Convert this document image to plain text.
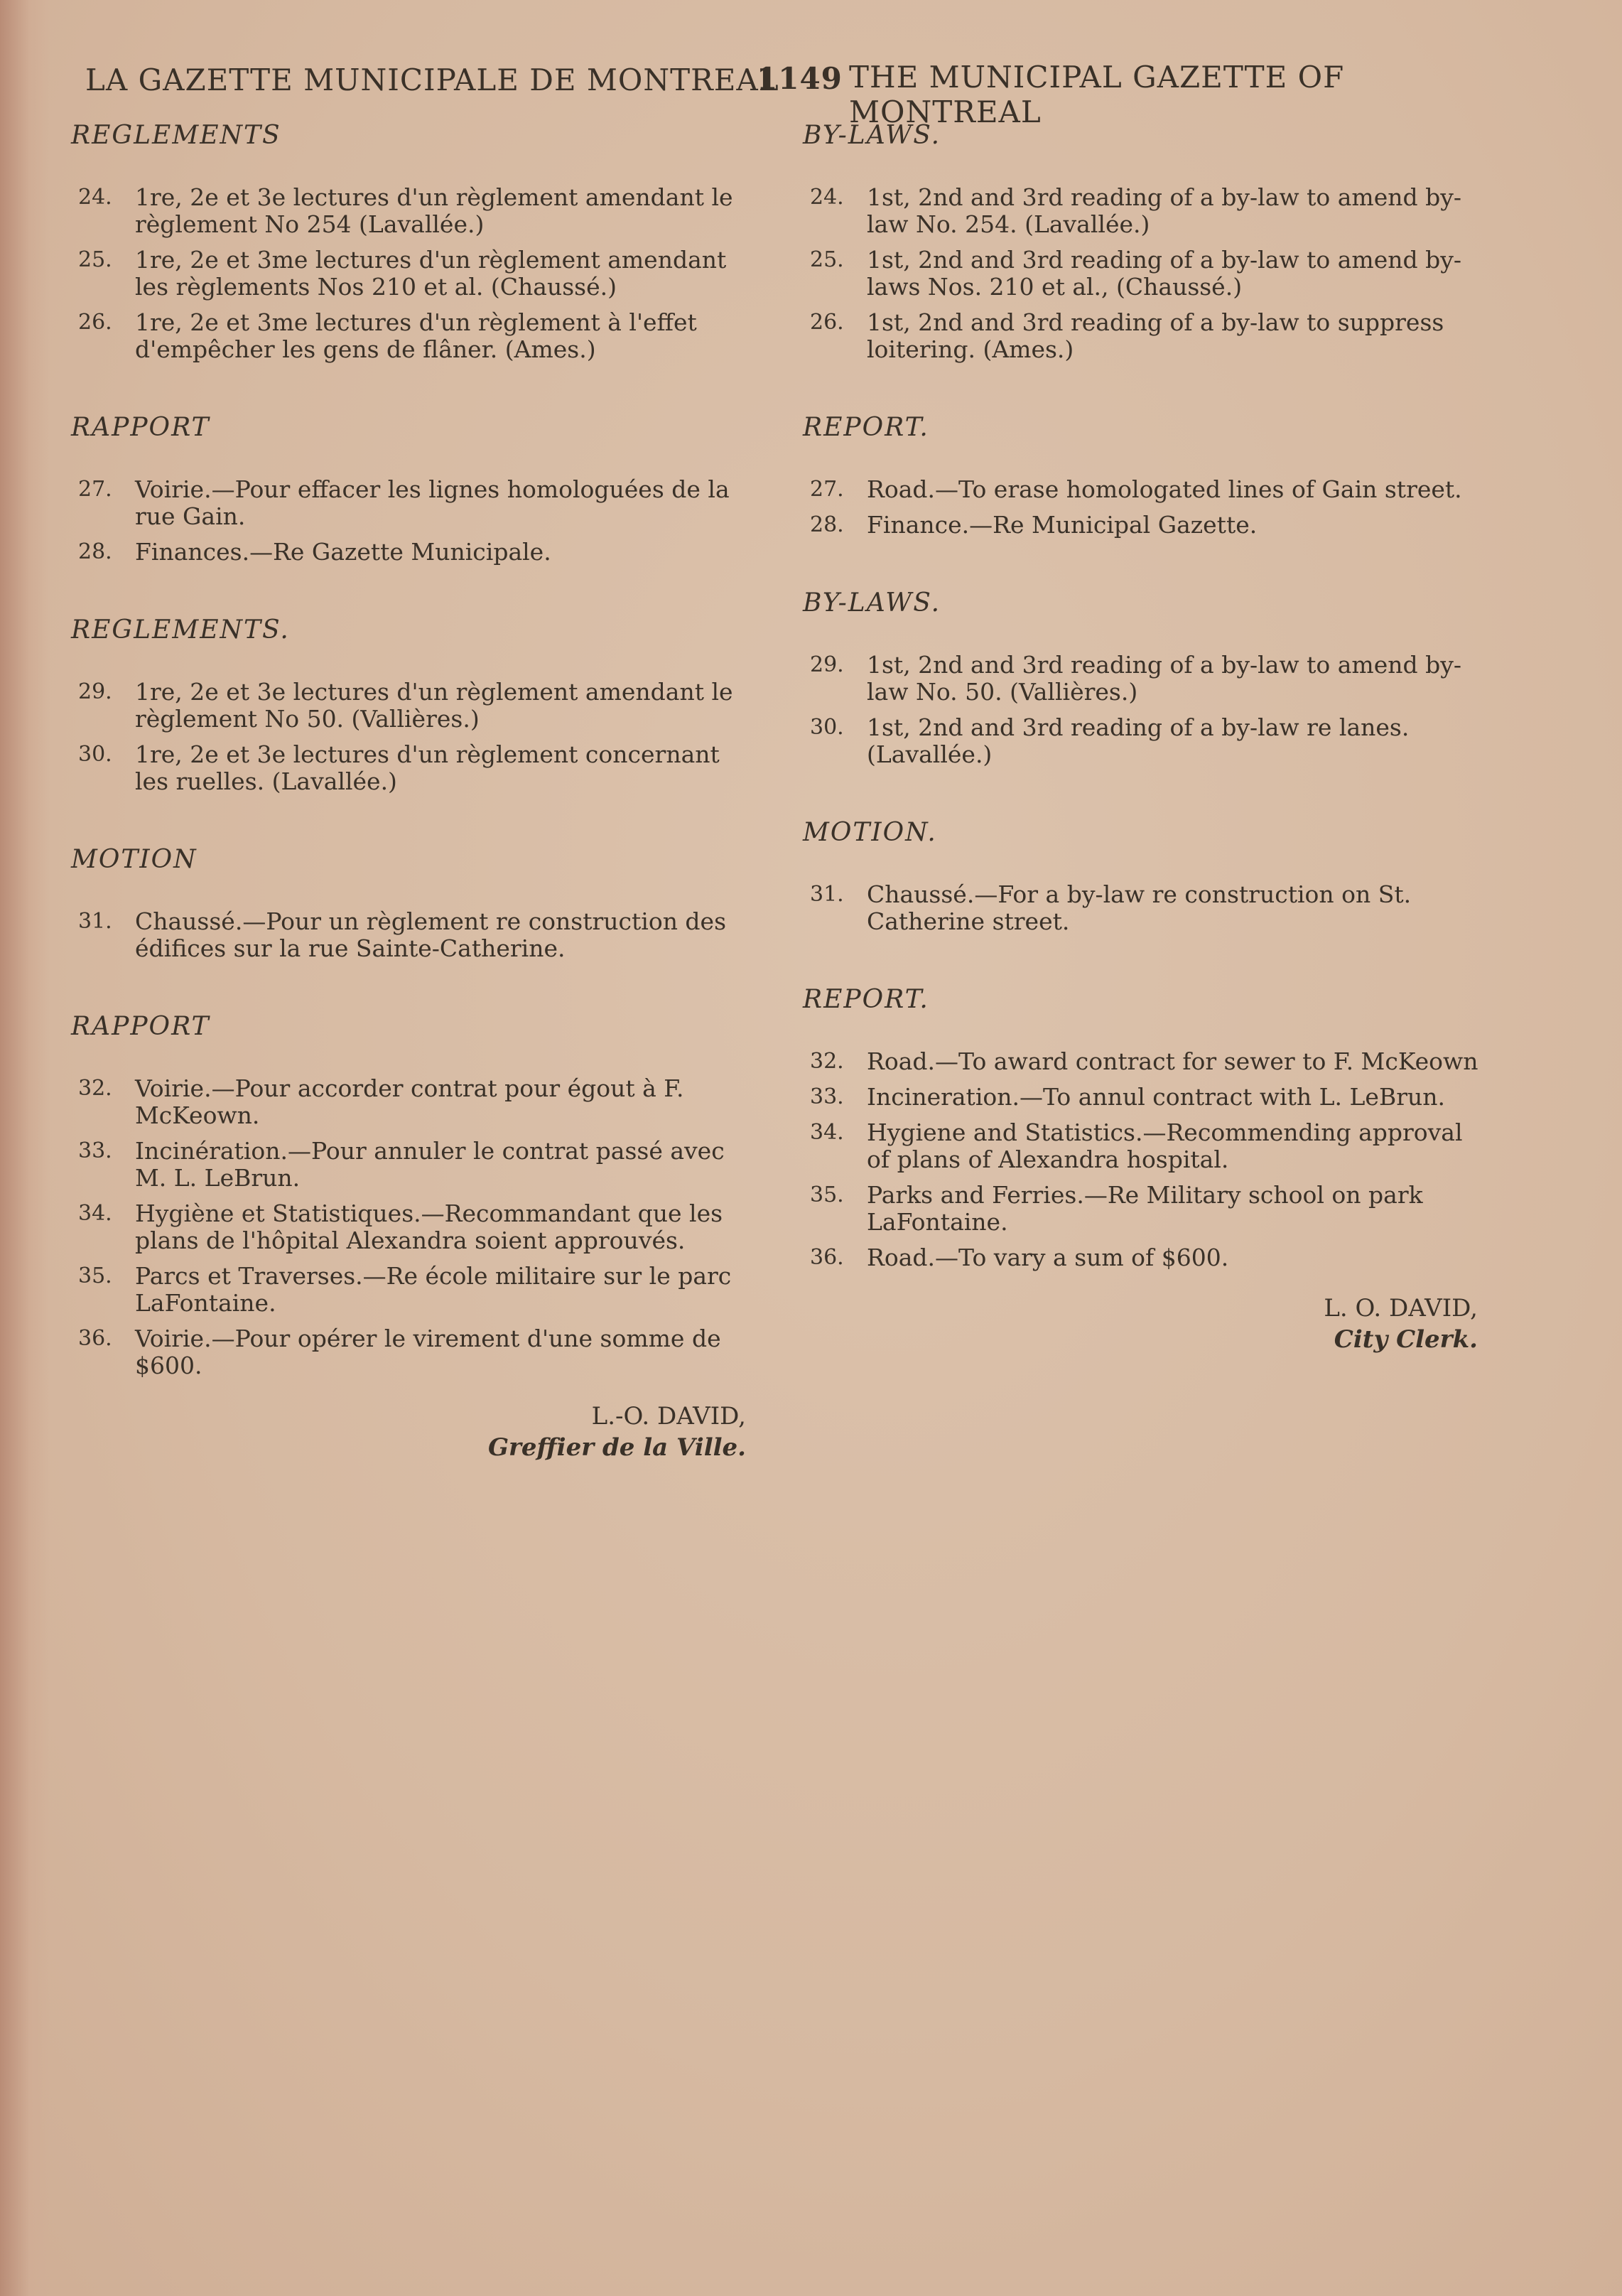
LA GAZETTE MUNICIPALE DE MONTREAL
1149 THE MUNICIPAL GAZETTE OF MONTREAL
REGLEMENTS
24. 1re, 2e et 3e lectures d'un règlement amendant le règlement No 254 (Lavallée.)
25. 1re, 2e et 3me lectures d'un règlement amendant les règlements Nos 210 et al. (Chaussé.)
26. 1re, 2e et 3me lectures d'un règlement à l'effet d'empêcher les gens de flâner. (Ames.)
RAPPORT
27. Voirie.—Pour effacer les lignes homologuées de la rue Gain.
28. Finances.—Re Gazette Municipale.
REGLEMENTS.
29. 1re, 2e et 3e lectures d'un règlement amendant le règlement No 50. (Vallières.)
30. 1re, 2e et 3e lectures d'un règlement concernant les ruelles. (Lavallée.)
MOTION
31. Chaussé.—Pour un règlement re construction des édifices sur la rue Sainte-Catherine.
RAPPORT
32. Voirie.—Pour accorder contrat pour égout à F. McKeown.
33. Incinération.—Pour annuler le contrat passé avec M. L. LeBrun.
34. Hygiène et Statistiques.—Recommandant que les plans de l'hôpital Alexandra soient approuvés.
35. Parcs et Traverses.—Re école militaire sur le parc LaFontaine.
36. Voirie.—Pour opérer le virement d'une somme de $600.
L.-O. DAVID,
Greffier de la Ville.
BY-LAWS.
24. 1st, 2nd and 3rd reading of a by-law to amend by-law No. 254. (Lavallée.)
25. 1st, 2nd and 3rd reading of a by-law to amend by-laws Nos. 210 et al., (Chaussé.)
26. 1st, 2nd and 3rd reading of a by-law to suppress loitering. (Ames.)
REPORT.
27. Road.—To erase homologated lines of Gain street.
28. Finance.—Re Municipal Gazette.
BY-LAWS.
29. 1st, 2nd and 3rd reading of a by-law to amend by-law No. 50. (Vallières.)
30. 1st, 2nd and 3rd reading of a by-law re lanes. (Lavallée.)
MOTION.
31. Chaussé.—For a by-law re construction on St. Catherine street.
REPORT.
32. Road.—To award contract for sewer to F. McKeown
33. Incineration.—To annul contract with L. LeBrun.
34. Hygiene and Statistics.—Recommending approval of plans of Alexandra hospital.
35. Parks and Ferries.—Re Military school on park LaFontaine.
36. Road.—To vary a sum of $600.
L. O. DAVID,
City Clerk.
